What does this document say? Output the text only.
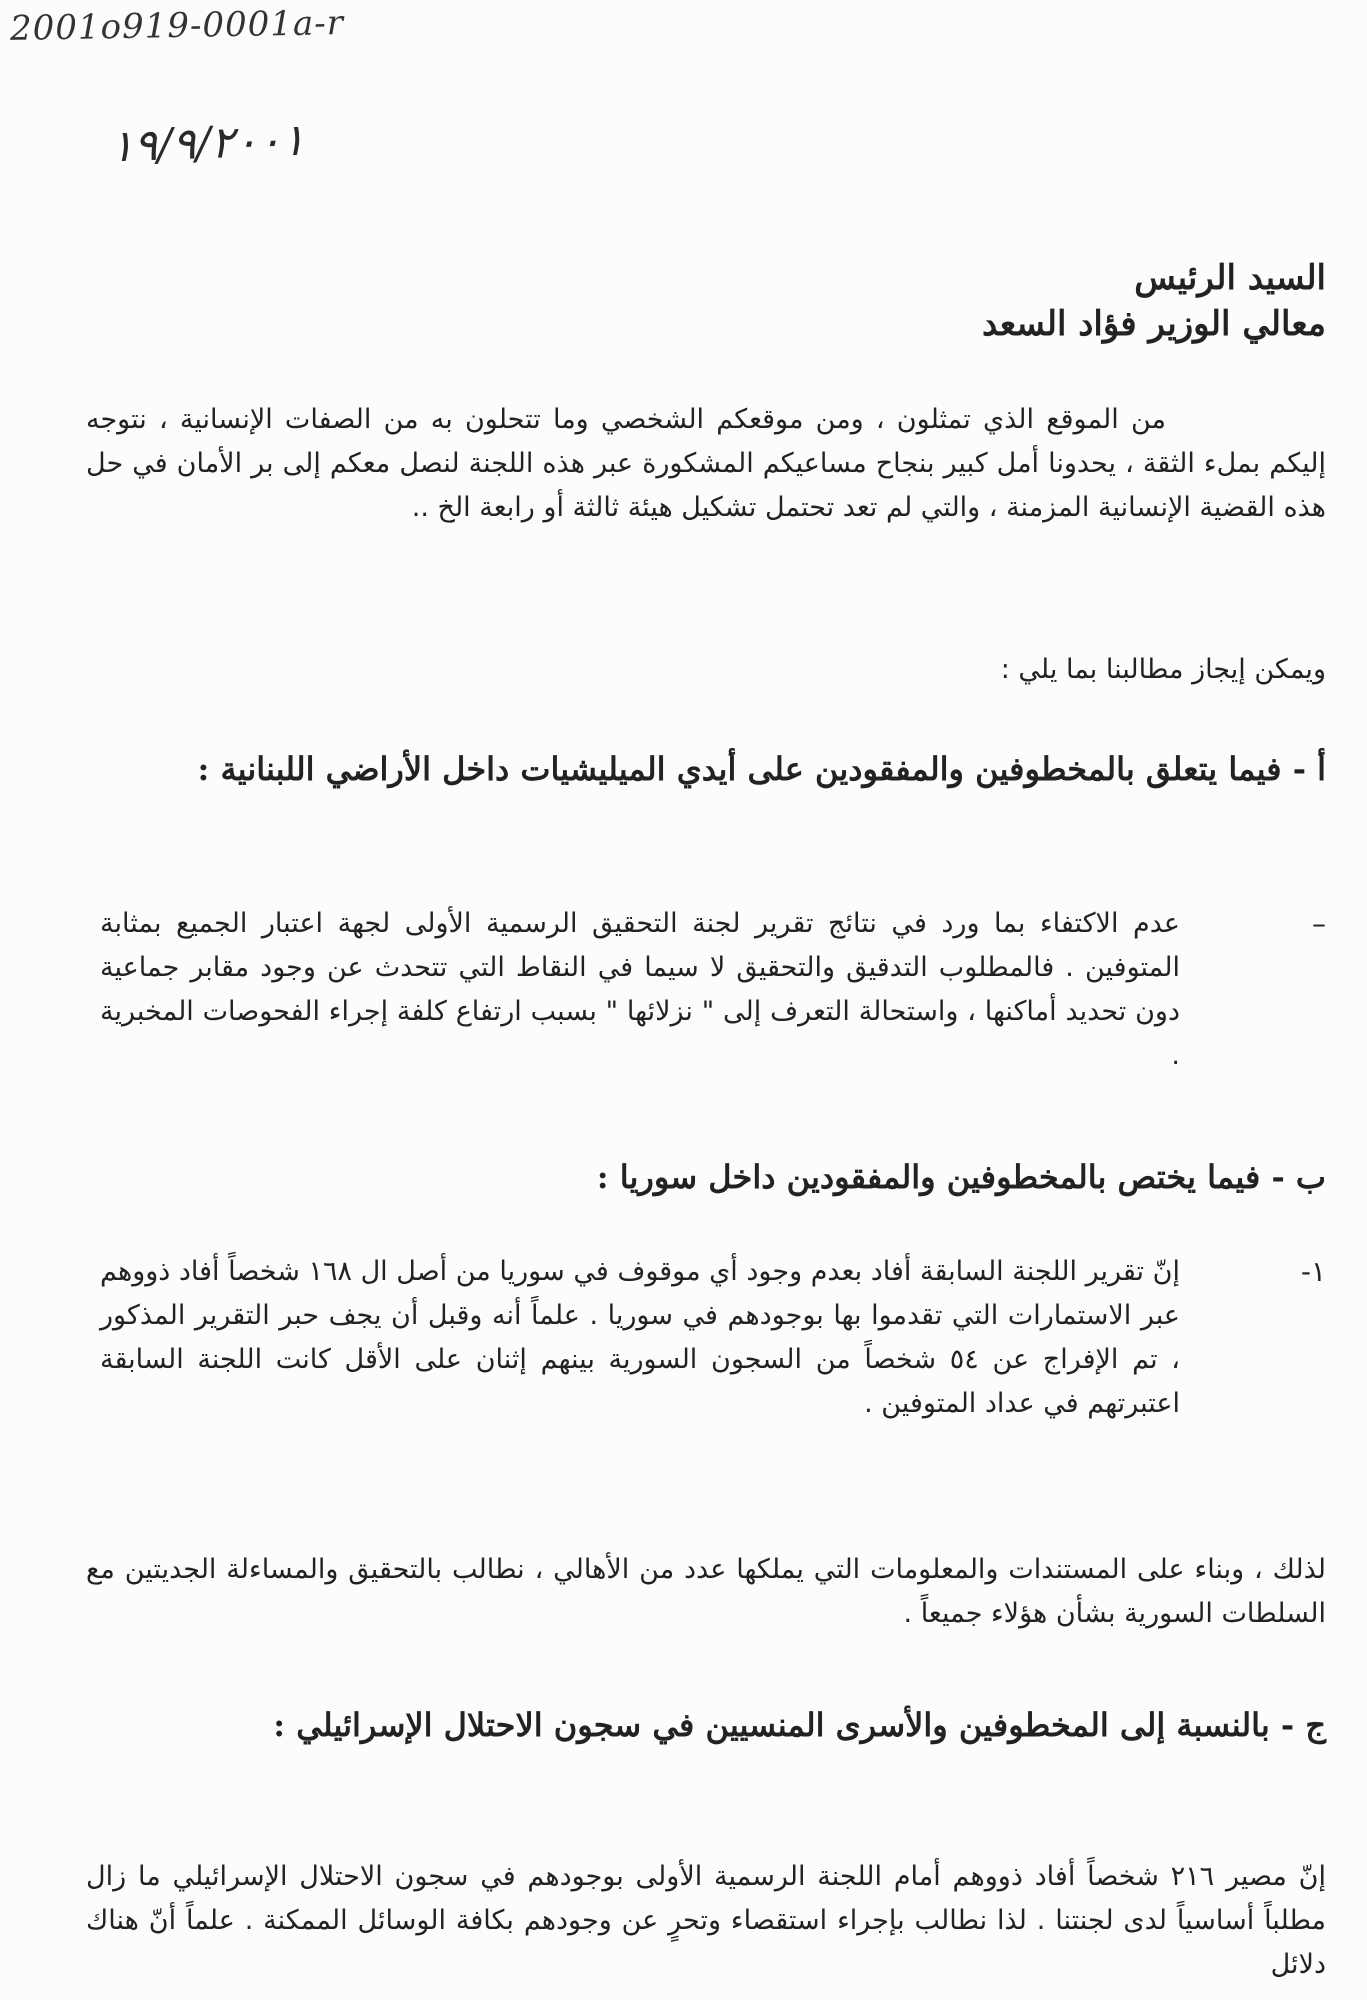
2001o919-0001a-r
۱۹/۹/۲۰۰۱
السيد الرئيس
معالي الوزير فؤاد السعد
من الموقع الذي تمثلون ، ومن موقعكم الشخصي وما تتحلون به من الصفات الإنسانية ، نتوجه إليكم بملء الثقة ، يحدونا أمل كبير بنجاح مساعيكم المشكورة عبر هذه اللجنة لنصل معكم إلى بر الأمان في حل هذه القضية الإنسانية المزمنة ، والتي لم تعد تحتمل تشكيل هيئة ثالثة أو رابعة الخ ..
ويمكن إيجاز مطالبنا بما يلي :
أ - فيما يتعلق بالمخطوفين والمفقودين على أيدي الميليشيات داخل الأراضي اللبنانية :
–
عدم الاكتفاء بما ورد في نتائج تقرير لجنة التحقيق الرسمية الأولى لجهة اعتبار الجميع بمثابة المتوفين . فالمطلوب التدقيق والتحقيق لا سيما في النقاط التي تتحدث عن وجود مقابر جماعية دون تحديد أماكنها ، واستحالة التعرف إلى " نزلائها " بسبب ارتفاع كلفة إجراء الفحوصات المخبرية .
ب - فيما يختص بالمخطوفين والمفقودين داخل سوريا :
١-
إنّ تقرير اللجنة السابقة أفاد بعدم وجود أي موقوف في سوريا من أصل ال ١٦٨ شخصاً أفاد ذووهم عبر الاستمارات التي تقدموا بها بوجودهم في سوريا . علماً أنه وقبل أن يجف حبر التقرير المذكور ، تم الإفراج عن ٥٤ شخصاً من السجون السورية بينهم إثنان على الأقل كانت اللجنة السابقة اعتبرتهم في عداد المتوفين .
لذلك ، وبناء على المستندات والمعلومات التي يملكها عدد من الأهالي ، نطالب بالتحقيق والمساءلة الجديتين مع السلطات السورية بشأن هؤلاء جميعاً .
ج - بالنسبة إلى المخطوفين والأسرى المنسيين في سجون الاحتلال الإسرائيلي :
إنّ مصير ٢١٦ شخصاً أفاد ذووهم أمام اللجنة الرسمية الأولى بوجودهم في سجون الاحتلال الإسرائيلي ما زال مطلباً أساسياً لدى لجنتنا . لذا نطالب بإجراء استقصاء وتحرٍ عن وجودهم بكافة الوسائل الممكنة . علماً أنّ هناك دلائل
